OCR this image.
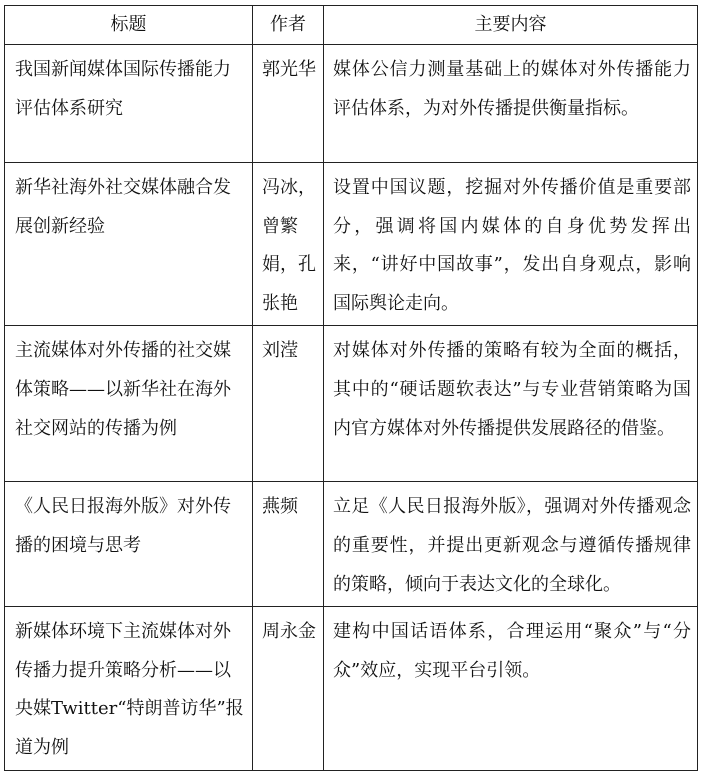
标题	作者	主要内容

我国新闻媒体国际传播能力评估体系研究	郭光华	媒体公信力测量基础上的媒体对外传播能力评估体系，为对外传播提供衡量指标。

新华社海外社交媒体融合发展创新经验	冯冰，曾繁娟，孔张艳	设置中国议题，挖掘对外传播价值是重要部分，强调将国内媒体的自身优势发挥出来，“讲好中国故事”，发出自身观点，影响国际舆论走向。

主流媒体对外传播的社交媒体策略——以新华社在海外社交网站的传播为例	刘滢	对媒体对外传播的策略有较为全面的概括，其中的“硬话题软表达”与专业营销策略为国内官方媒体对外传播提供发展路径的借鉴。

《人民日报海外版》对外传播的困境与思考	燕频	立足《人民日报海外版》，强调对外传播观念的重要性，并提出更新观念与遵循传播规律的策略，倾向于表达文化的全球化。

新媒体环境下主流媒体对外传播力提升策略分析——以央媒Twitter“特朗普访华”报道为例	周永金	建构中国话语体系，合理运用“聚众”与“分众”效应，实现平台引领。
